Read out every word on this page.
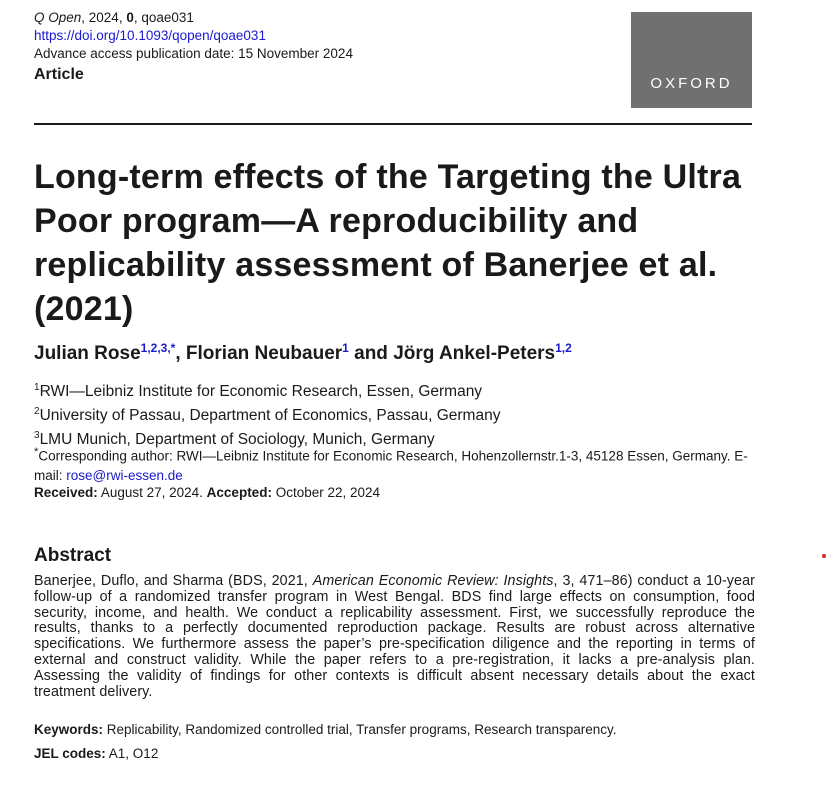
Q Open, 2024, 0, qoae031
https://doi.org/10.1093/qopen/qoae031
Advance access publication date: 15 November 2024
Article
OXFORD
Long-term effects of the Targeting the Ultra Poor program—A reproducibility and replicability assessment of Banerjee et al. (2021)
Julian Rose$^{1,2,3,*}$, Florian Neubauer$^1$ and Jörg Ankel-Peters$^{1,2}$
$^1$RWI—Leibniz Institute for Economic Research, Essen, Germany
$^2$University of Passau, Department of Economics, Passau, Germany
$^3$LMU Munich, Department of Sociology, Munich, Germany
*Corresponding author: RWI—Leibniz Institute for Economic Research, Hohenzollernstr.1-3, 45128 Essen, Germany. E-mail: rose@rwi-essen.de
Received: August 27, 2024. Accepted: October 22, 2024
Abstract

Banerjee, Duflo, and Sharma (BDS, 2021, American Economic Review: Insights, 3, 471–86) conduct a 10-year follow-up of a randomized transfer program in West Bengal. BDS find large effects on consumption, food security, income, and health. We conduct a replicability assessment. First, we successfully reproduce the results, thanks to a perfectly documented reproduction package. Results are robust across alternative specifications. We furthermore assess the paper’s pre-specification diligence and the reporting in terms of external and construct validity. While the paper refers to a pre-registration, it lacks a pre-analysis plan. Assessing the validity of findings for other contexts is difficult absent necessary details about the exact treatment delivery.

Keywords: Replicability, Randomized controlled trial, Transfer programs, Research transparency.
JEL codes: A1, O12
